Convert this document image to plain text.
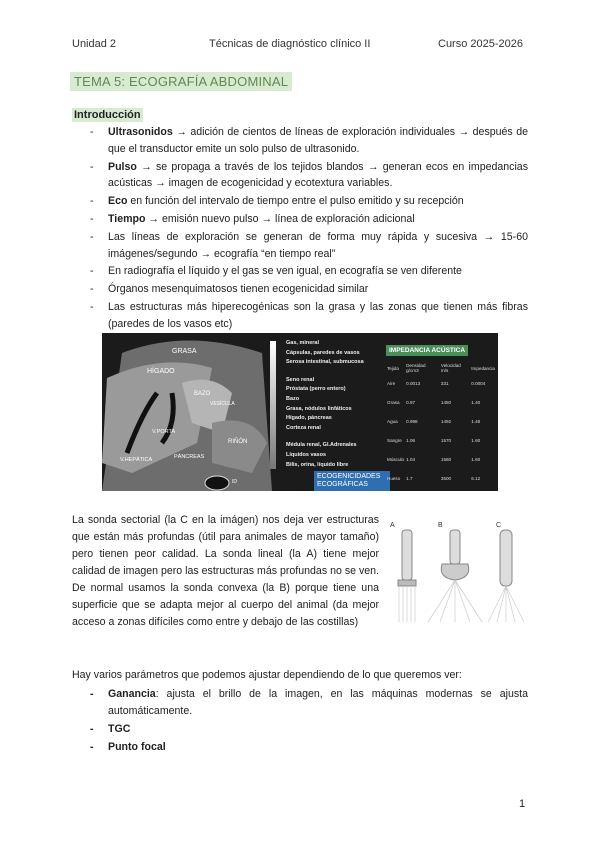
Unidad 2	Técnicas de diagnóstico clínico II	Curso 2025-2026
TEMA 5: ECOGRAFÍA ABDOMINAL
Introducción
- Ultrasonidos → adición de cientos de líneas de exploración individuales → después de que el transductor emite un solo pulso de ultrasonido.
- Pulso → se propaga a través de los tejidos blandos → generan ecos en impedancias acústicas → imagen de ecogenicidad y ecotextura variables.
- Eco en función del intervalo de tiempo entre el pulso emitido y su recepción
- Tiempo → emisión nuevo pulso → línea de exploración adicional
- Las líneas de exploración se generan de forma muy rápida y sucesiva → 15-60 imágenes/segundo → ecografía “en tiempo real”
- En radiografía el líquido y el gas se ven igual, en ecografía se ven diferente
- Órganos mesenquimatosos tienen ecogenicidad similar
- Las estructuras más hiperecogénicas son la grasa y las zonas que tienen más fibras (paredes de los vasos etc)
GRASA
HÍGADO
BAZO
V.PORTA
V.HEPÁTICA	PÁNCREAS
RIÑÓN
VESÍCULA
ID
ECOGENICIDADES ECOGRÁFICAS
Gas, mineral
Cápsulas, paredes de vasos
Serosa intestinal, submucosa
Seno renal
Próstata (perro entero)
Bazo
Grasa, nódulos linfáticos
Hígado, páncreas
Corteza renal
Médula renal, Gl.Adrenales
Líquidos vasos
Bilis, orina, líquido libre
IMPEDANCIA ACÚSTICA
Tejido	Densidad g/cm3	Velocidad m/s	Impedancia
Aire	0.0013	331	0.0004
Grasa	0.97	1450	1.40
Agua	0.998	1492	1.48
Sangre	1.06	1570	1.60
Músculo	1.04	1580	1.60
Hueso	1.7	3500	6.12

La sonda sectorial (la C en la imágen) nos deja ver estructuras que están más profundas (útil para animales de mayor tamaño) pero tienen peor calidad. La sonda lineal (la A) tiene mejor calidad de imagen pero las estructuras más profundas no se ven. De normal usamos la sonda convexa (la B) porque tiene una superficie que se adapta mejor al cuerpo del animal (da mejor acceso a zonas difíciles como entre y debajo de las costillas)

A	B	C

Hay varios parámetros que podemos ajustar dependiendo de lo que queremos ver:

- Ganancia: ajusta el brillo de la imagen, en las máquinas modernas se ajusta automáticamente.
- TGC
- Punto focal
1
